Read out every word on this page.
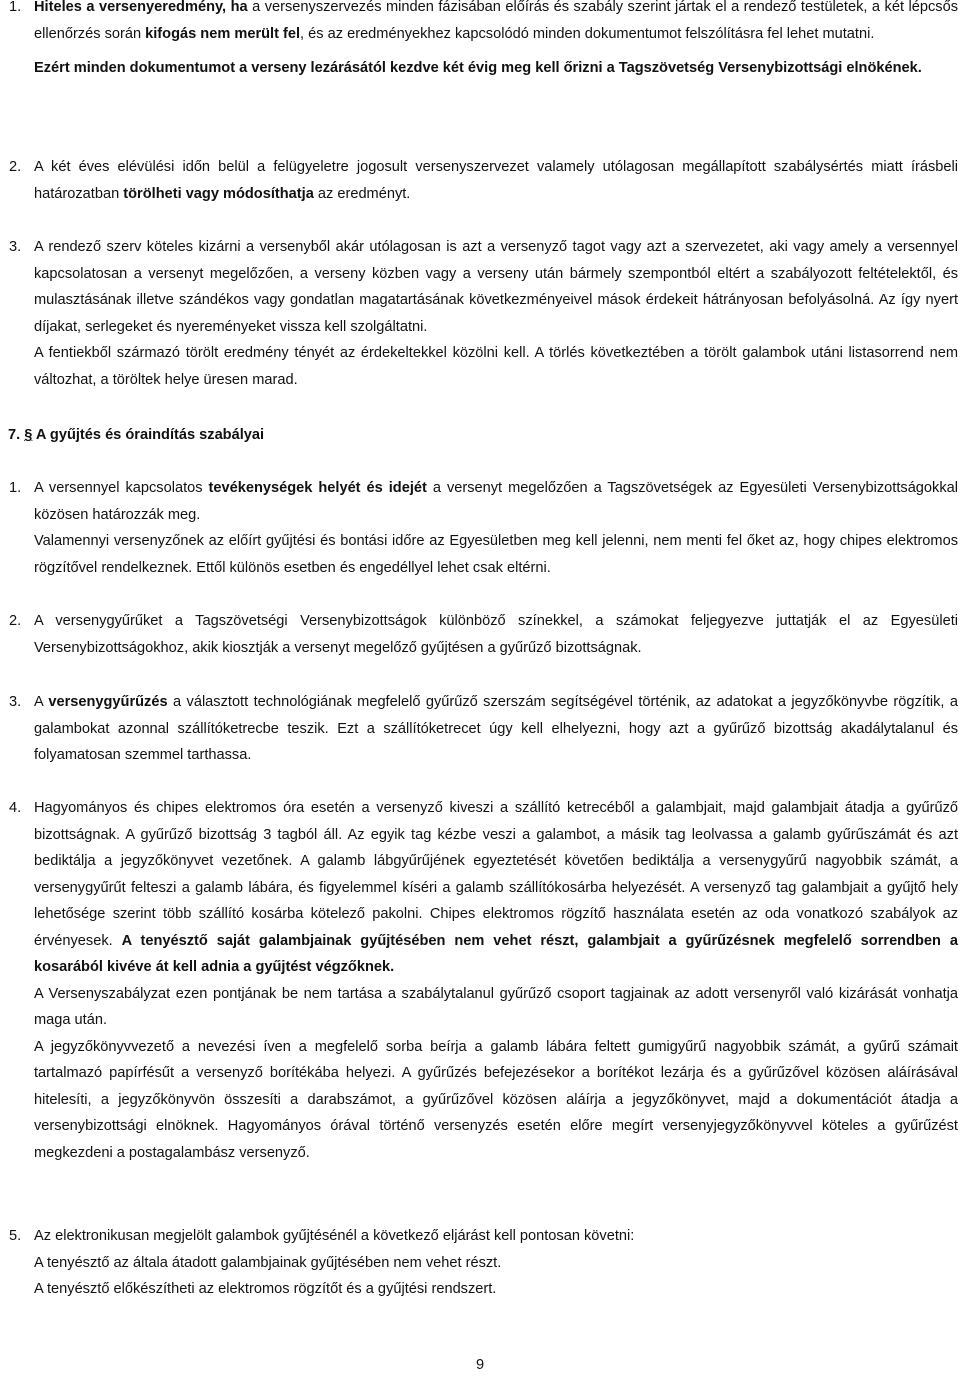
1. Hiteles a versenyeredmény, ha a versenyszervezés minden fázisában előírás és szabály szerint jártak el a rendező testületek, a két lépcsős ellenőrzés során kifogás nem merült fel, és az eredményekhez kapcsolódó minden dokumentumot felszólításra fel lehet mutatni.

Ezért minden dokumentumot a verseny lezárásától kezdve két évig meg kell őrizni a Tagszövetség Versenybizottsági elnökének.

2. A két éves elévülési időn belül a felügyeletre jogosult versenyszervezet valamely utólagosan megállapított szabálysértés miatt írásbeli határozatban törölheti vagy módosíthatja az eredményt.

3. A rendező szerv köteles kizárni a versenyből akár utólagosan is azt a versenyző tagot vagy azt a szervezetet, aki vagy amely a versennyel kapcsolatosan a versenyt megelőzően, a verseny közben vagy a verseny után bármely szempontból eltért a szabályozott feltételektől, és mulasztásának illetve szándékos vagy gondatlan magatartásának következményeivel mások érdekeit hátrányosan befolyásolná. Az így nyert díjakat, serlegeket és nyereményeket vissza kell szolgáltatni.

A fentiekből származó törölt eredmény tényét az érdekeltekkel közölni kell. A törlés következtében a törölt galambok utáni listasorrend nem változhat, a töröltek helye üresen marad.

7. § A gyűjtés és óraindítás szabályai

1. A versennyel kapcsolatos tevékenységek helyét és idejét a versenyt megelőzően a Tagszövetségek az Egyesületi Versenybizottságokkal közösen határozzák meg.

Valamennyi versenyzőnek az előírt gyűjtési és bontási időre az Egyesületben meg kell jelenni, nem menti fel őket az, hogy chipes elektromos rögzítővel rendelkeznek. Ettől különös esetben és engedéllyel lehet csak eltérni.

2. A versenygyűrűket a Tagszövetségi Versenybizottságok különböző színekkel, a számokat feljegyezve juttatják el az Egyesületi Versenybizottságokhoz, akik kiosztják a versenyt megelőző gyűjtésen a gyűrűző bizottságnak.

3. A versenygyűrűzés a választott technológiának megfelelő gyűrűző szerszám segítségével történik, az adatokat a jegyzőkönyvbe rögzítik, a galambokat azonnal szállítóketrecbe teszik. Ezt a szállítóketrecet úgy kell elhelyezni, hogy azt a gyűrűző bizottság akadálytalanul és folyamatosan szemmel tarthassa.

4. Hagyományos és chipes elektromos óra esetén a versenyző kiveszi a szállító ketrecéből a galambjait, majd galambjait átadja a gyűrűző bizottságnak. A gyűrűző bizottság 3 tagból áll. Az egyik tag kézbe veszi a galambot, a másik tag leolvassa a galamb gyűrűszámát és azt bediktálja a jegyzőkönyvet vezetőnek. A galamb lábgyűrűjének egyeztetését követően bediktálja a versenygyűrű nagyobbik számát, a versenygyűrűt felteszi a galamb lábára, és figyelemmel kíséri a galamb szállítókosárba helyezését. A versenyző tag galambjait a gyűjtő hely lehetősége szerint több szállító kosárba kötelező pakolni. Chipes elektromos rögzítő használata esetén az oda vonatkozó szabályok az érvényesek. A tenyésztő saját galambjainak gyűjtésében nem vehet részt, galambjait a gyűrűzésnek megfelelő sorrendben a kosarából kivéve át kell adnia a gyűjtést végzőknek.

A Versenyszabályzat ezen pontjának be nem tartása a szabálytalanul gyűrűző csoport tagjainak az adott versenyről való kizárását vonhatja maga után.

A jegyzőkönyvvezető a nevezési íven a megfelelő sorba beírja a galamb lábára feltett gumigyűrű nagyobbik számát, a gyűrű számait tartalmazó papírfésűt a versenyző borítékába helyezi. A gyűrűzés befejezésekor a borítékot lezárja és a gyűrűzővel közösen aláírásával hitelesíti, a jegyzőkönyvön összesíti a darabszámot, a gyűrűzővel közösen aláírja a jegyzőkönyvet, majd a dokumentációt átadja a versenybizottsági elnöknek. Hagyományos órával történő versenyzés esetén előre megírt versenyjegyzőkönyvvel köteles a gyűrűzést megkezdeni a postagalambász versenyző.

5. Az elektronikusan megjelölt galambok gyűjtésénél a következő eljárást kell pontosan követni:

A tenyésztő az általa átadott galambjainak gyűjtésében nem vehet részt.

A tenyésztő előkészítheti az elektromos rögzítőt és a gyűjtési rendszert.

9
